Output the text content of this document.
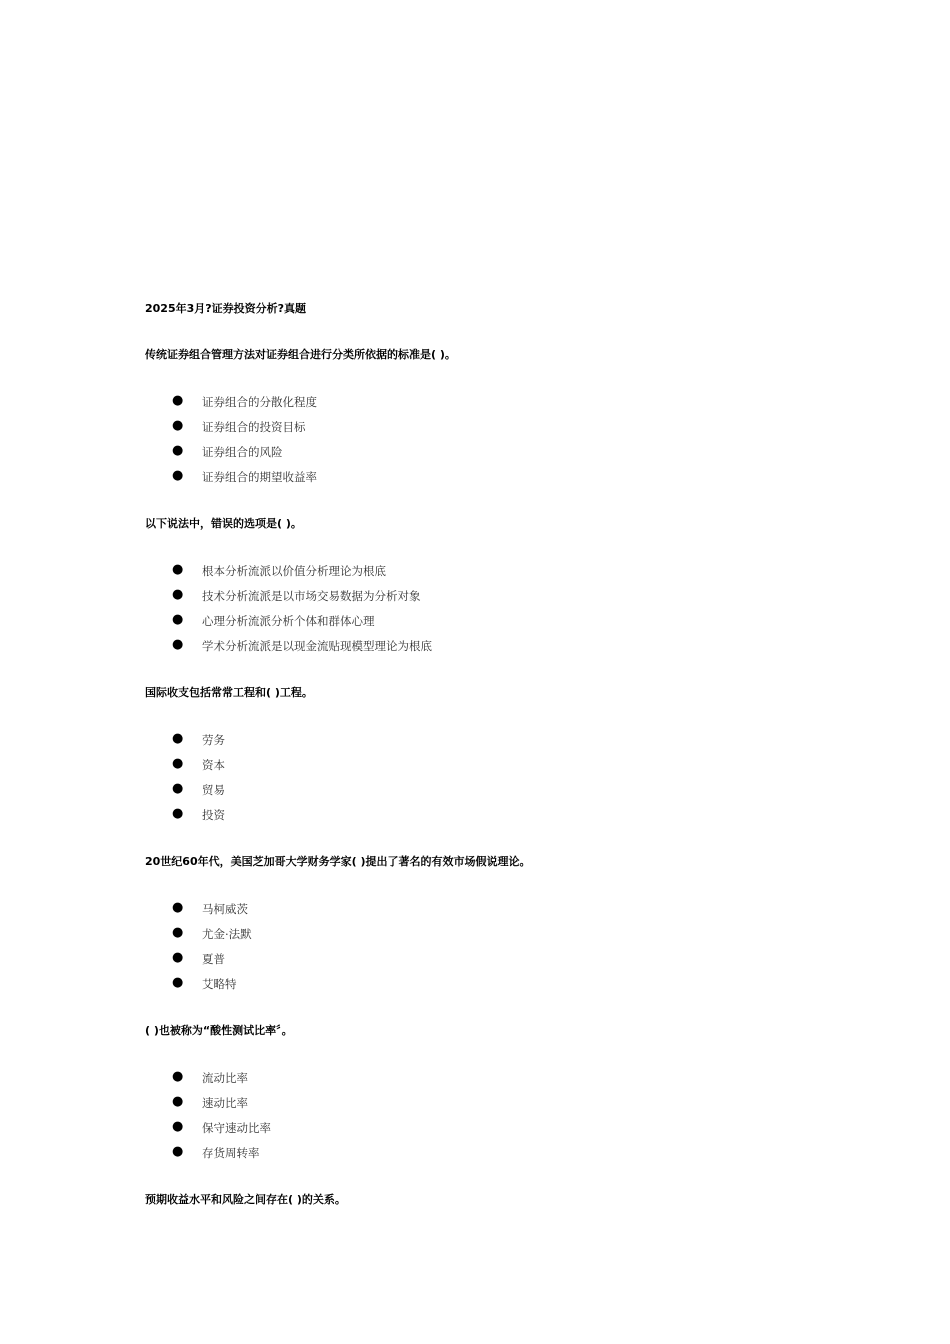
2025年3月?证券投资分析?真题

传统证券组合管理方法对证券组合进行分类所依据的标准是( )。

● 证券组合的分散化程度
● 证券组合的投资目标
● 证券组合的风险
● 证券组合的期望收益率

以下说法中，错误的选项是( )。

● 根本分析流派以价值分析理论为根底
● 技术分析流派是以市场交易数据为分析对象
● 心理分析流派分析个体和群体心理
● 学术分析流派是以现金流贴现模型理论为根底

国际收支包括常常工程和( )工程。

● 劳务
● 资本
● 贸易
● 投资

20世纪60年代，美国芝加哥大学财务学家( )提出了著名的有效市场假说理论。

● 马柯威茨
● 尤金·法默
● 夏普
● 艾略特

( )也被称为“酸性测试比率〞。

● 流动比率
● 速动比率
● 保守速动比率
● 存货周转率

预期收益水平和风险之间存在( )的关系。
